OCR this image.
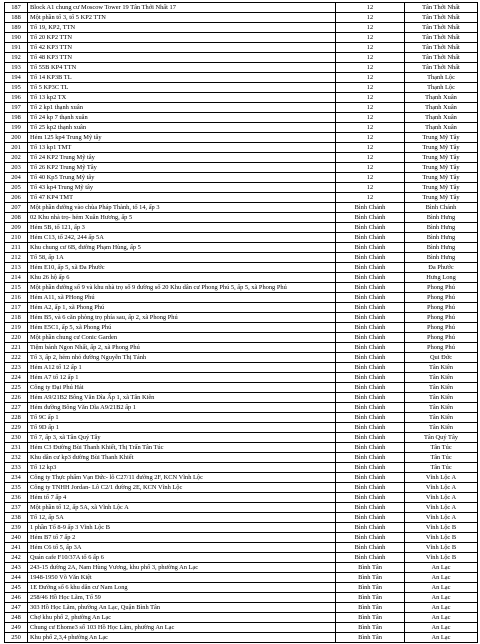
187	Block A1 chung cư Moscow Tower 19 Tân Thới Nhất 17	12	Tân Thới Nhất
188	Một phần tổ 3, tổ 5 KP2 TTN	12	Tân Thới Nhất
189	Tổ 19, KP2, TTN	12	Tân Thới Nhất
190	Tổ 20 KP2 TTN	12	Tân Thới Nhất
191	Tổ 42 KP3 TTN	12	Tân Thới Nhất
192	Tổ 48 KP3 TTN	12	Tân Thới Nhất
193	Tổ 55B KP4 TTN	12	Tân Thới Nhất
194	Tổ 14 KP3B TL	12	Thạnh Lộc
195	Tổ 5 KP3C TL	12	Thạnh Lộc
196	Tổ 13 kp2 TX	12	Thạnh Xuân
197	Tổ 2 kp1 thạnh xuân	12	Thạnh Xuân
198	Tổ 24 kp 7 thạnh xuân	12	Thạnh Xuân
199	Tổ 25 kp2 thạnh xuân	12	Thạnh Xuân
200	Hẻm 125 kp4 Trung Mỹ tây	12	Trung Mỹ Tây
201	Tổ 13 kp1 TMT	12	Trung Mỹ Tây
202	Tổ 24 KP2 Trung Mỹ tây	12	Trung Mỹ Tây
203	Tổ 26 KP2 Trung Mỹ Tây	12	Trung Mỹ Tây
204	Tổ 40 Kp5 Trung Mỹ tây	12	Trung Mỹ Tây
205	Tổ 43 kp4 Trung Mỹ tây	12	Trung Mỹ Tây
206	Tổ 47 KP4 TMT	12	Trung Mỹ Tây
207	Một phần đường vào chùa Pháp Thành, tổ 14, ấp 3	Bình Chánh	Bình Chánh
208	02 Khu nhà trọ- hẻm Xuân Hương, ấp 5	Bình Chánh	Bình Hưng
209	Hẻm 5B, tổ 121, ấp 3	Bình Chánh	Bình Hưng
210	Hẻm C13, tổ 242, 244 ấp 5A	Bình Chánh	Bình Hưng
211	Khu chung cư 6B, đường Phạm Hùng, ấp 5	Bình Chánh	Bình Hưng
212	Tổ 58, ấp 1A	Bình Chánh	Bình Hưng
213	Hẻm E10, ấp 5, xã Đa Phước	Bình Chánh	Đa Phước
214	Khu 26 hộ ấp 6	Bình Chánh	Hưng Long
215	Một phần đường số 9 và khu nhà trọ số 9 đường số 20 Khu dân cư Phong Phú 5, ấp 5, xã Phong Phú	Bình Chánh	Phong Phú
216	Hẻm A11, xã PHong Phú	Bình Chánh	Phong Phú
217	Hẻm A2, ấp 1, xã Phong Phú	Bình Chánh	Phong Phú
218	Hẻm B5, và 6 căn phòng trọ phía sau, ấp 2, xã Phong Phú	Bình Chánh	Phong Phú
219	Hẻm E5C1, ấp 5, xã Phong Phú	Bình Chánh	Phong Phú
220	Một phần chung cư Conic Garden	Bình Chánh	Phong Phú
221	Tiệm bánh Ngon Nhất, ấp 2, xã Phong Phú	Bình Chánh	Phong Phú
222	Tổ 3, ấp 2, hẻm nhỏ đường Nguyễn Thị Tánh	Bình Chánh	Qui Đức
223	Hẻm A12 tổ 12 ấp 1	Bình Chánh	Tân Kiên
224	Hẻm A7 tổ 12 ấp 1	Bình Chánh	Tân Kiên
225	Công ty Đại Phú Hải	Bình Chánh	Tân Kiên
226	Hẻm A9/21B2 Bông Văn Dĩa Ấp 1, xã Tân Kiên	Bình Chánh	Tân Kiên
227	Hẻm đường Bông Văn Dĩa A9/21B2 ấp 1	Bình Chánh	Tân Kiên
228	Tổ 9C ấp 1	Bình Chánh	Tân Kiên
229	Tổ 9D ấp 1	Bình Chánh	Tân Kiên
230	Tổ 7, ấp 3, xã Tân Quý Tây	Bình Chánh	Tân Quý Tây
231	Hẻm C3 Đường Bùi Thanh Khiết, Thị Trấn Tân Túc	Bình Chánh	Tân Túc
232	Khu dân cư kp3 đường Bùi Thanh Khiết	Bình Chánh	Tân Túc
233	Tổ 12 kp3	Bình Chánh	Tân Túc
234	Công ty Thực phẩm Vạn Đức- lô C27/11 đường 2F, KCN Vĩnh Lộc	Bình Chánh	Vĩnh Lộc A
235	Công ty TNHH Jordan- Lô C2/1 đường 2E, KCN Vĩnh Lộc	Bình Chánh	Vĩnh Lộc A
236	Hẻm tổ 7 ấp 4	Bình Chánh	Vĩnh Lộc A
237	Một phần tổ 12, ấp 5A, xã Vĩnh Lộc A	Bình Chánh	Vĩnh Lộc A
238	Tổ 12, ấp 5A	Bình Chánh	Vĩnh Lộc A
239	1 phần Tổ 8-9 ấp 3 Vĩnh Lộc B	Bình Chánh	Vĩnh Lộc B
240	Hẻm B7 tổ 7 ấp 2	Bình Chánh	Vĩnh Lộc B
241	Hẻm C6 tổ 5, ấp 3A	Bình Chánh	Vĩnh Lộc B
242	Quán cafe F10/37A tổ 6 ấp 6	Bình Chánh	Vĩnh Lộc B
243	243-15 đường 2A, Nam Hùng Vương, khu phố 3, phường An Lạc	Bình Tân	An Lạc
244	1948-1950 Võ Văn Kiệt	Bình Tân	An Lạc
245	1E Đường số 6 khu dân cư Nam Long	Bình Tân	An Lạc
246	258/46 Hồ Học Lãm, Tổ 59	Bình Tân	An Lạc
247	303 Hồ Học Lãm, phường An Lạc, Quận Bình Tân	Bình Tân	An Lạc
248	Chợ khu phố 2, phường An Lạc	Bình Tân	An Lạc
249	Chung cư Ehome3 số 103 Hồ Học Lãm, phường An Lạc	Bình Tân	An Lạc
250	Khu phố 2,3,4 phường An Lạc	Bình Tân	An Lạc
